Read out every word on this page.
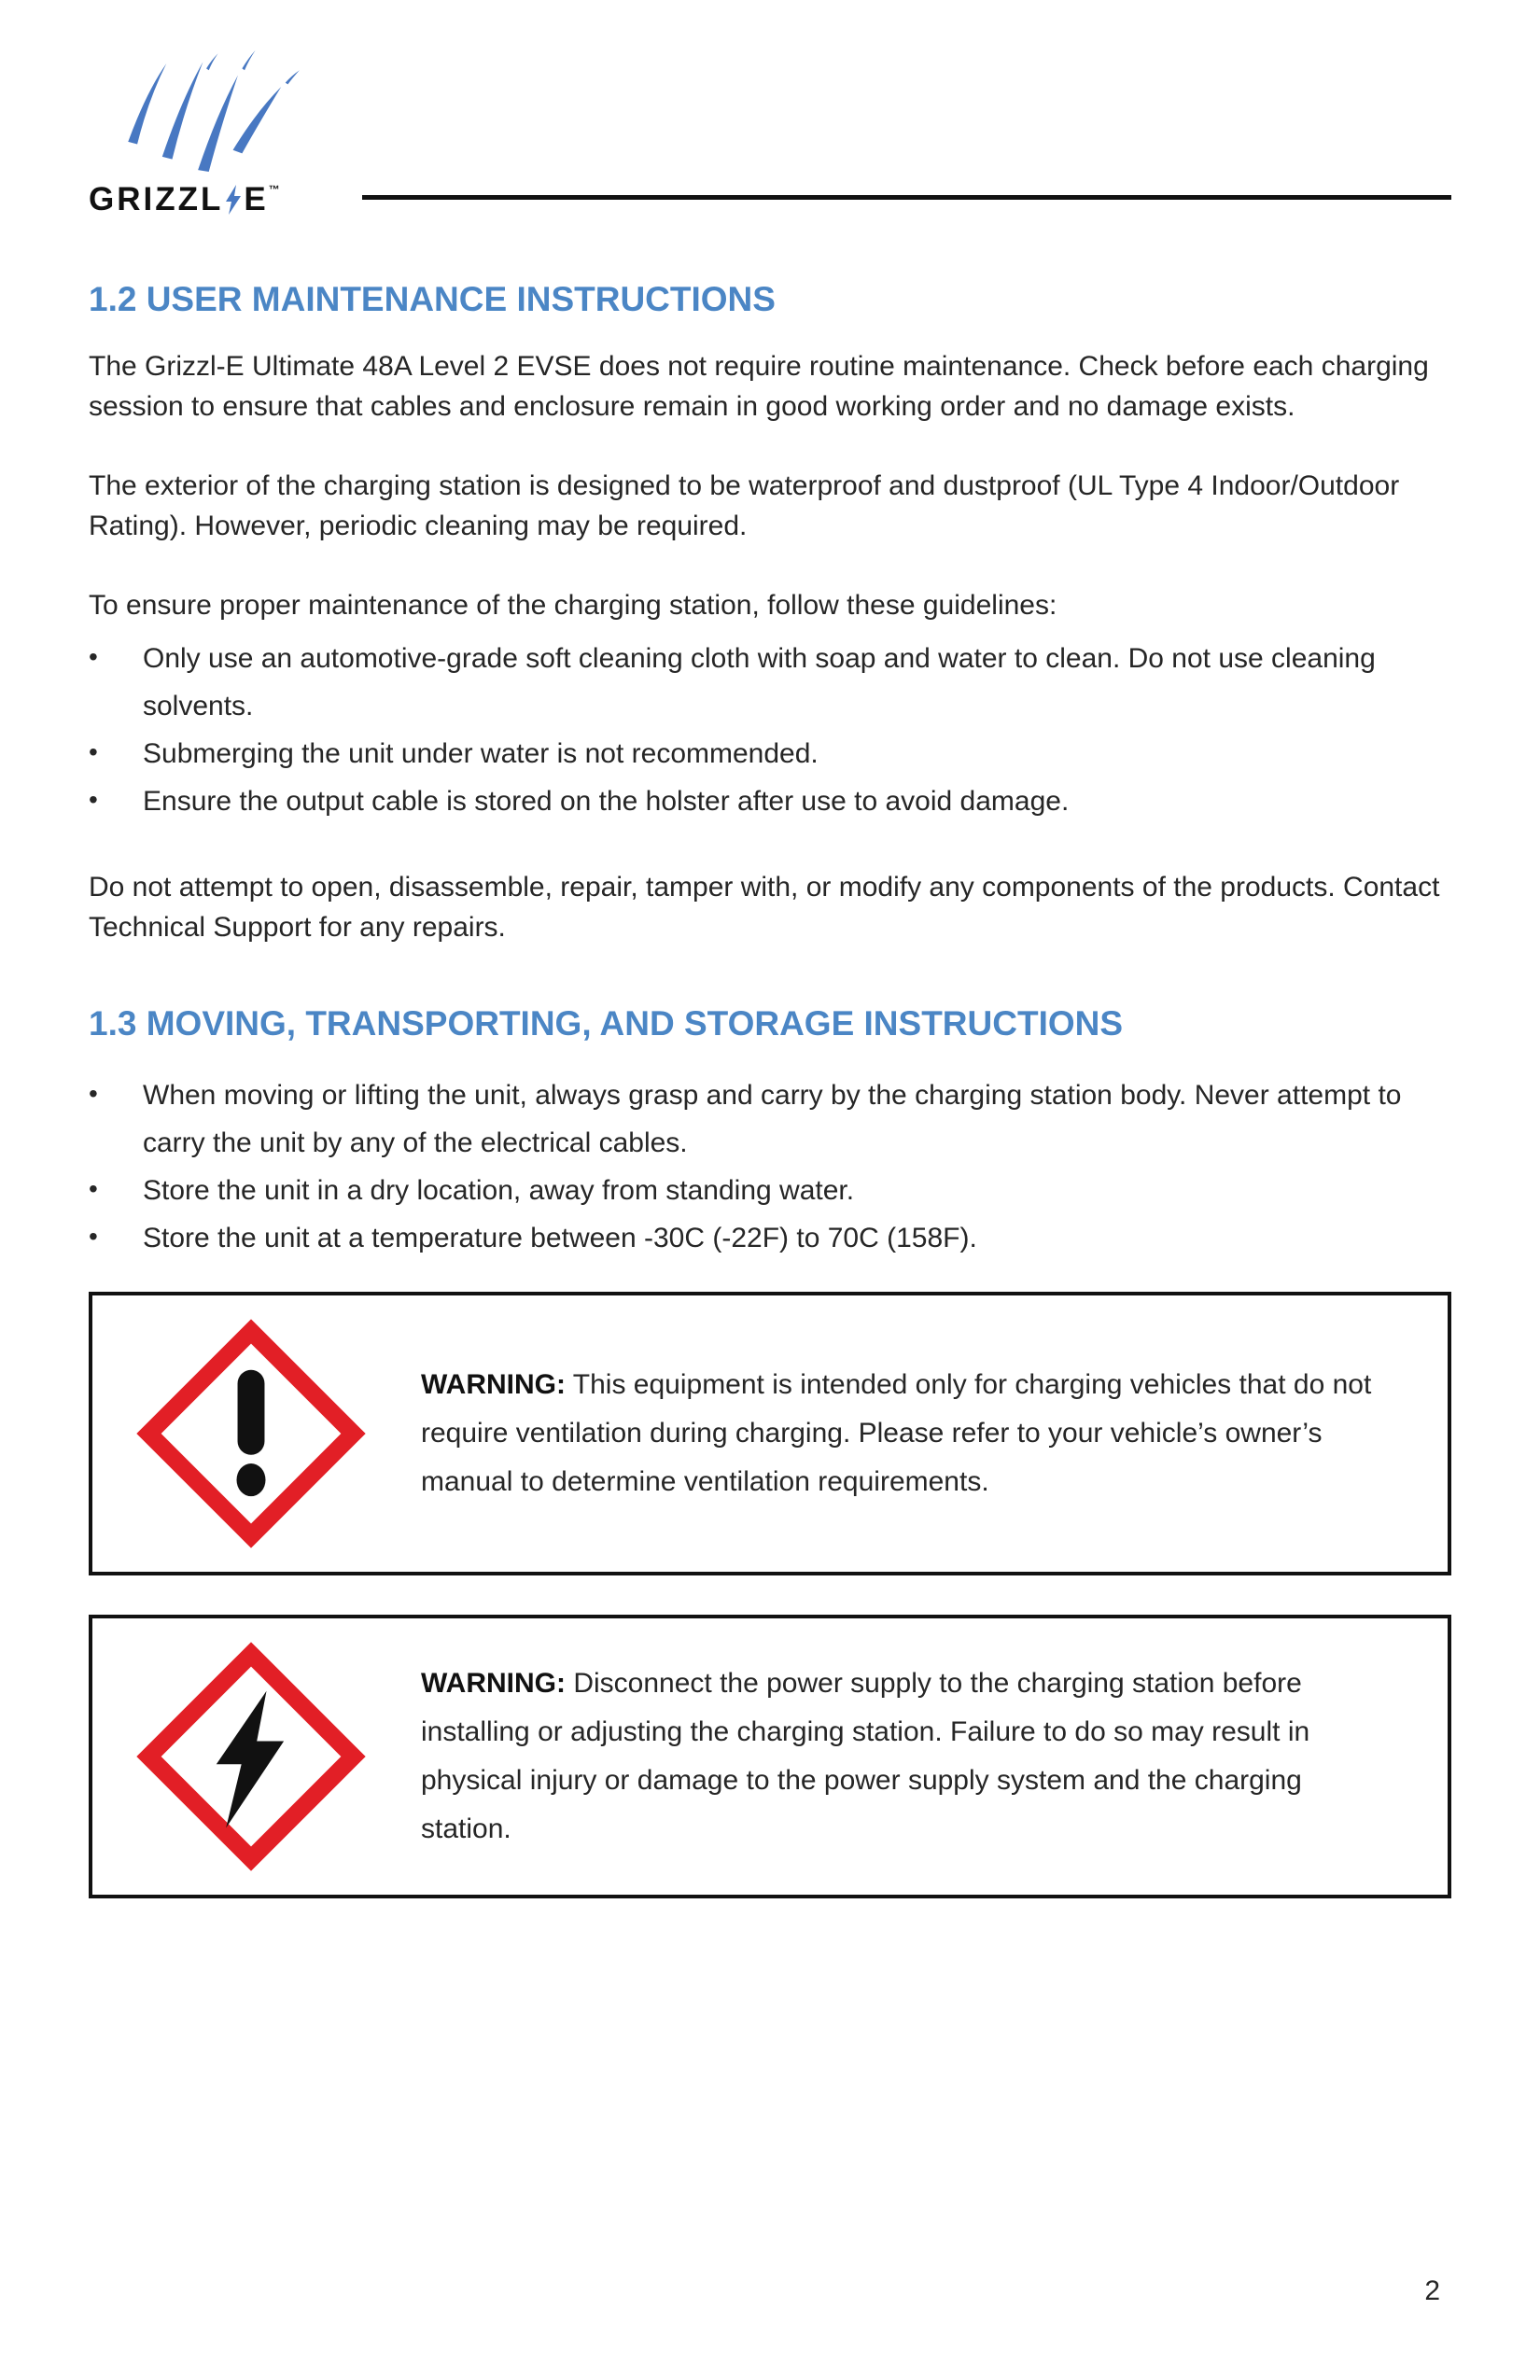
GRIZZL E™
1.2 USER MAINTENANCE INSTRUCTIONS

The Grizzl-E Ultimate 48A Level 2 EVSE does not require routine maintenance. Check before each charging session to ensure that cables and enclosure remain in good working order and no damage exists.

The exterior of the charging station is designed to be waterproof and dustproof (UL Type 4 Indoor/Outdoor Rating). However, periodic cleaning may be required.

To ensure proper maintenance of the charging station, follow these guidelines:

• Only use an automotive-grade soft cleaning cloth with soap and water to clean. Do not use cleaning solvents.
• Submerging the unit under water is not recommended.
• Ensure the output cable is stored on the holster after use to avoid damage.

Do not attempt to open, disassemble, repair, tamper with, or modify any components of the products. Contact Technical Support for any repairs.

1.3 MOVING, TRANSPORTING, AND STORAGE INSTRUCTIONS
• When moving or lifting the unit, always grasp and carry by the charging station body. Never attempt to carry the unit by any of the electrical cables.
• Store the unit in a dry location, away from standing water.
• Store the unit at a temperature between -30C (-22F) to 70C (158F).
WARNING: This equipment is intended only for charging vehicles that do not require ventilation during charging. Please refer to your vehicle’s owner’s manual to determine ventilation requirements.
WARNING: Disconnect the power supply to the charging station before installing or adjusting the charging station. Failure to do so may result in physical injury or damage to the power supply system and the charging station.
2
